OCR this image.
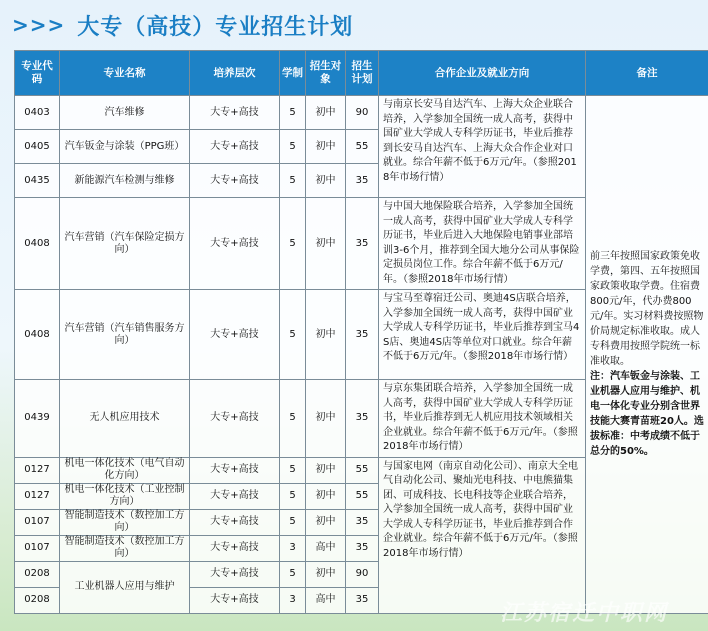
>>> 大专（高技）专业招生计划
专业代码	专业名称	培养层次	学制	招生对象	招生计划	合作企业及就业方向	备注
0403	汽车维修	大专+高技	5	初中	90	与南京长安马自达汽车、上海大众企业联合培养，入学参加全国统一成人高考，获得中国矿业大学成人专科学历证书，毕业后推荐到长安马自达汽车、上海大众合作企业对口就业。综合年薪不低于6万元/年。（参照2018年市场行情）	前三年按照国家政策免收学费，第四、五年按照国家政策收取学费。住宿费800元/年，代办费800元/年。实习材料费按照物价局规定标准收取。成人专科费用按照学院统一标准收取。
注：汽车钣金与涂装、工业机器人应用与维护、机电一体化专业分别含世界技能大赛青苗班20人。选拔标准：中考成绩不低于总分的50%。
0405	汽车钣金与涂装（PPG班）	大专+高技	5	初中	55		
0435	新能源汽车检测与维修	大专+高技	5	初中	35		
0408	汽车营销（汽车保险定损方向）	大专+高技	5	初中	35	与中国大地保险联合培养，入学参加全国统一成人高考，获得中国矿业大学成人专科学历证书，毕业后进入大地保险电销事业部培训3-6个月，推荐到全国大地分公司从事保险定损员岗位工作。综合年薪不低于6万元/年。（参照2018年市场行情）	
0408	汽车营销（汽车销售服务方向）	大专+高技	5	初中	35	与宝马至尊宿迁公司、奥迪4S店联合培养，入学参加全国统一成人高考，获得中国矿业大学成人专科学历证书，毕业后推荐到宝马4S店、奥迪4S店等单位对口就业。综合年薪不低于6万元/年。（参照2018年市场行情）	
0439	无人机应用技术	大专+高技	5	初中	35	与京东集团联合培养，入学参加全国统一成人高考，获得中国矿业大学成人专科学历证书，毕业后推荐到无人机应用技术领域相关企业就业。综合年薪不低于6万元/年。（参照2018年市场行情）	
0127	机电一体化技术（电气自动化方向）	大专+高技	5	初中	55	与国家电网（南京自动化公司）、南京大全电气自动化公司、聚灿光电科技、中电熊猫集团、可成科技、长电科技等企业联合培养，入学参加全国统一成人高考，获得中国矿业大学成人专科学历证书，毕业后推荐到合作企业就业。综合年薪不低于6万元/年。（参照2018年市场行情）	
0127	机电一体化技术（工业控制方向）	大专+高技	5	初中	55		
0107	智能制造技术（数控加工方向）	大专+高技	5	初中	35		
0107	智能制造技术（数控加工方向）	大专+高技	3	高中	35		
0208	工业机器人应用与维护	大专+高技	5	初中	90		
0208		大专+高技	3	高中	35		
江苏宿迁中职网
